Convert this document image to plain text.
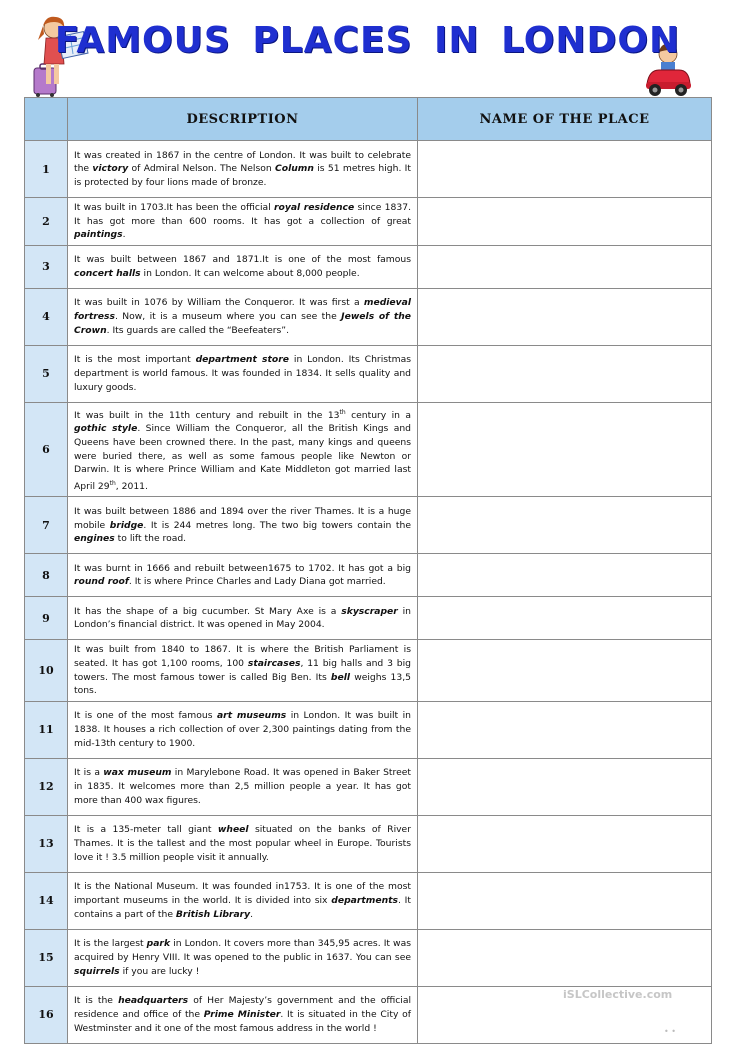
FAMOUS PLACES IN LONDON
	DESCRIPTION	NAME OF THE PLACE
1	It was created in 1867 in the centre of London. It was built to celebrate the victory of Admiral Nelson. The Nelson Column is 51 metres high. It is protected by four lions made of bronze.	
2	It was built in 1703.It has been the official royal residence since 1837. It has got more than 600 rooms. It has got a collection of great paintings.	
3	It was built between 1867 and 1871.It is one of the most famous concert halls in London. It can welcome about 8,000 people.	
4	It was built in 1076 by William the Conqueror. It was first a medieval fortress. Now, it is a museum where you can see the Jewels of the Crown. Its guards are called the “Beefeaters”.	
5	It is the most important department store in London. Its Christmas department is world famous. It was founded in 1834. It sells quality and luxury goods.	
6	It was built in the 11th century and rebuilt in the 13th century in a gothic style. Since William the Conqueror, all the British Kings and Queens have been crowned there. In the past, many kings and queens were buried there, as well as some famous people like Newton or Darwin. It is where Prince William and Kate Middleton got married last April 29th, 2011.	
7	It was built between 1886 and 1894 over the river Thames. It is a huge mobile bridge. It is 244 metres long. The two big towers contain the engines to lift the road.	
8	It was burnt in 1666 and rebuilt between1675 to 1702. It has got a big round roof. It is where Prince Charles and Lady Diana got married.	
9	It has the shape of a big cucumber. St Mary Axe is a skyscraper in London’s financial district. It was opened in May 2004.	
10	It was built from 1840 to 1867. It is where the British Parliament is seated. It has got 1,100 rooms, 100 staircases, 11 big halls and 3 big towers. The most famous tower is called Big Ben. Its bell weighs 13,5 tons.	
11	It is one of the most famous art museums in London. It was built in 1838. It houses a rich collection of over 2,300 paintings dating from the mid-13th century to 1900.	
12	It is a wax museum in Marylebone Road. It was opened in Baker Street in 1835. It welcomes more than 2,5 million people a year. It has got more than 400 wax figures.	
13	It is a 135-meter tall giant wheel situated on the banks of River Thames. It is the tallest and the most popular wheel in Europe. Tourists love it ! 3.5 million people visit it annually.	
14	It is the National Museum. It was founded in1753. It is one of the most important museums in the world. It is divided into six departments. It contains a part of the British Library.	
15	It is the largest park in London. It covers more than 345,95 acres. It was acquired by Henry VIII. It was opened to the public in 1637. You can see squirrels if you are lucky !	
16	It is the headquarters of Her Majesty’s government and the official residence and office of the Prime Minister. It is situated in the City of Westminster and it one of the most famous address in the world !	
iSLCollective.com
• •
